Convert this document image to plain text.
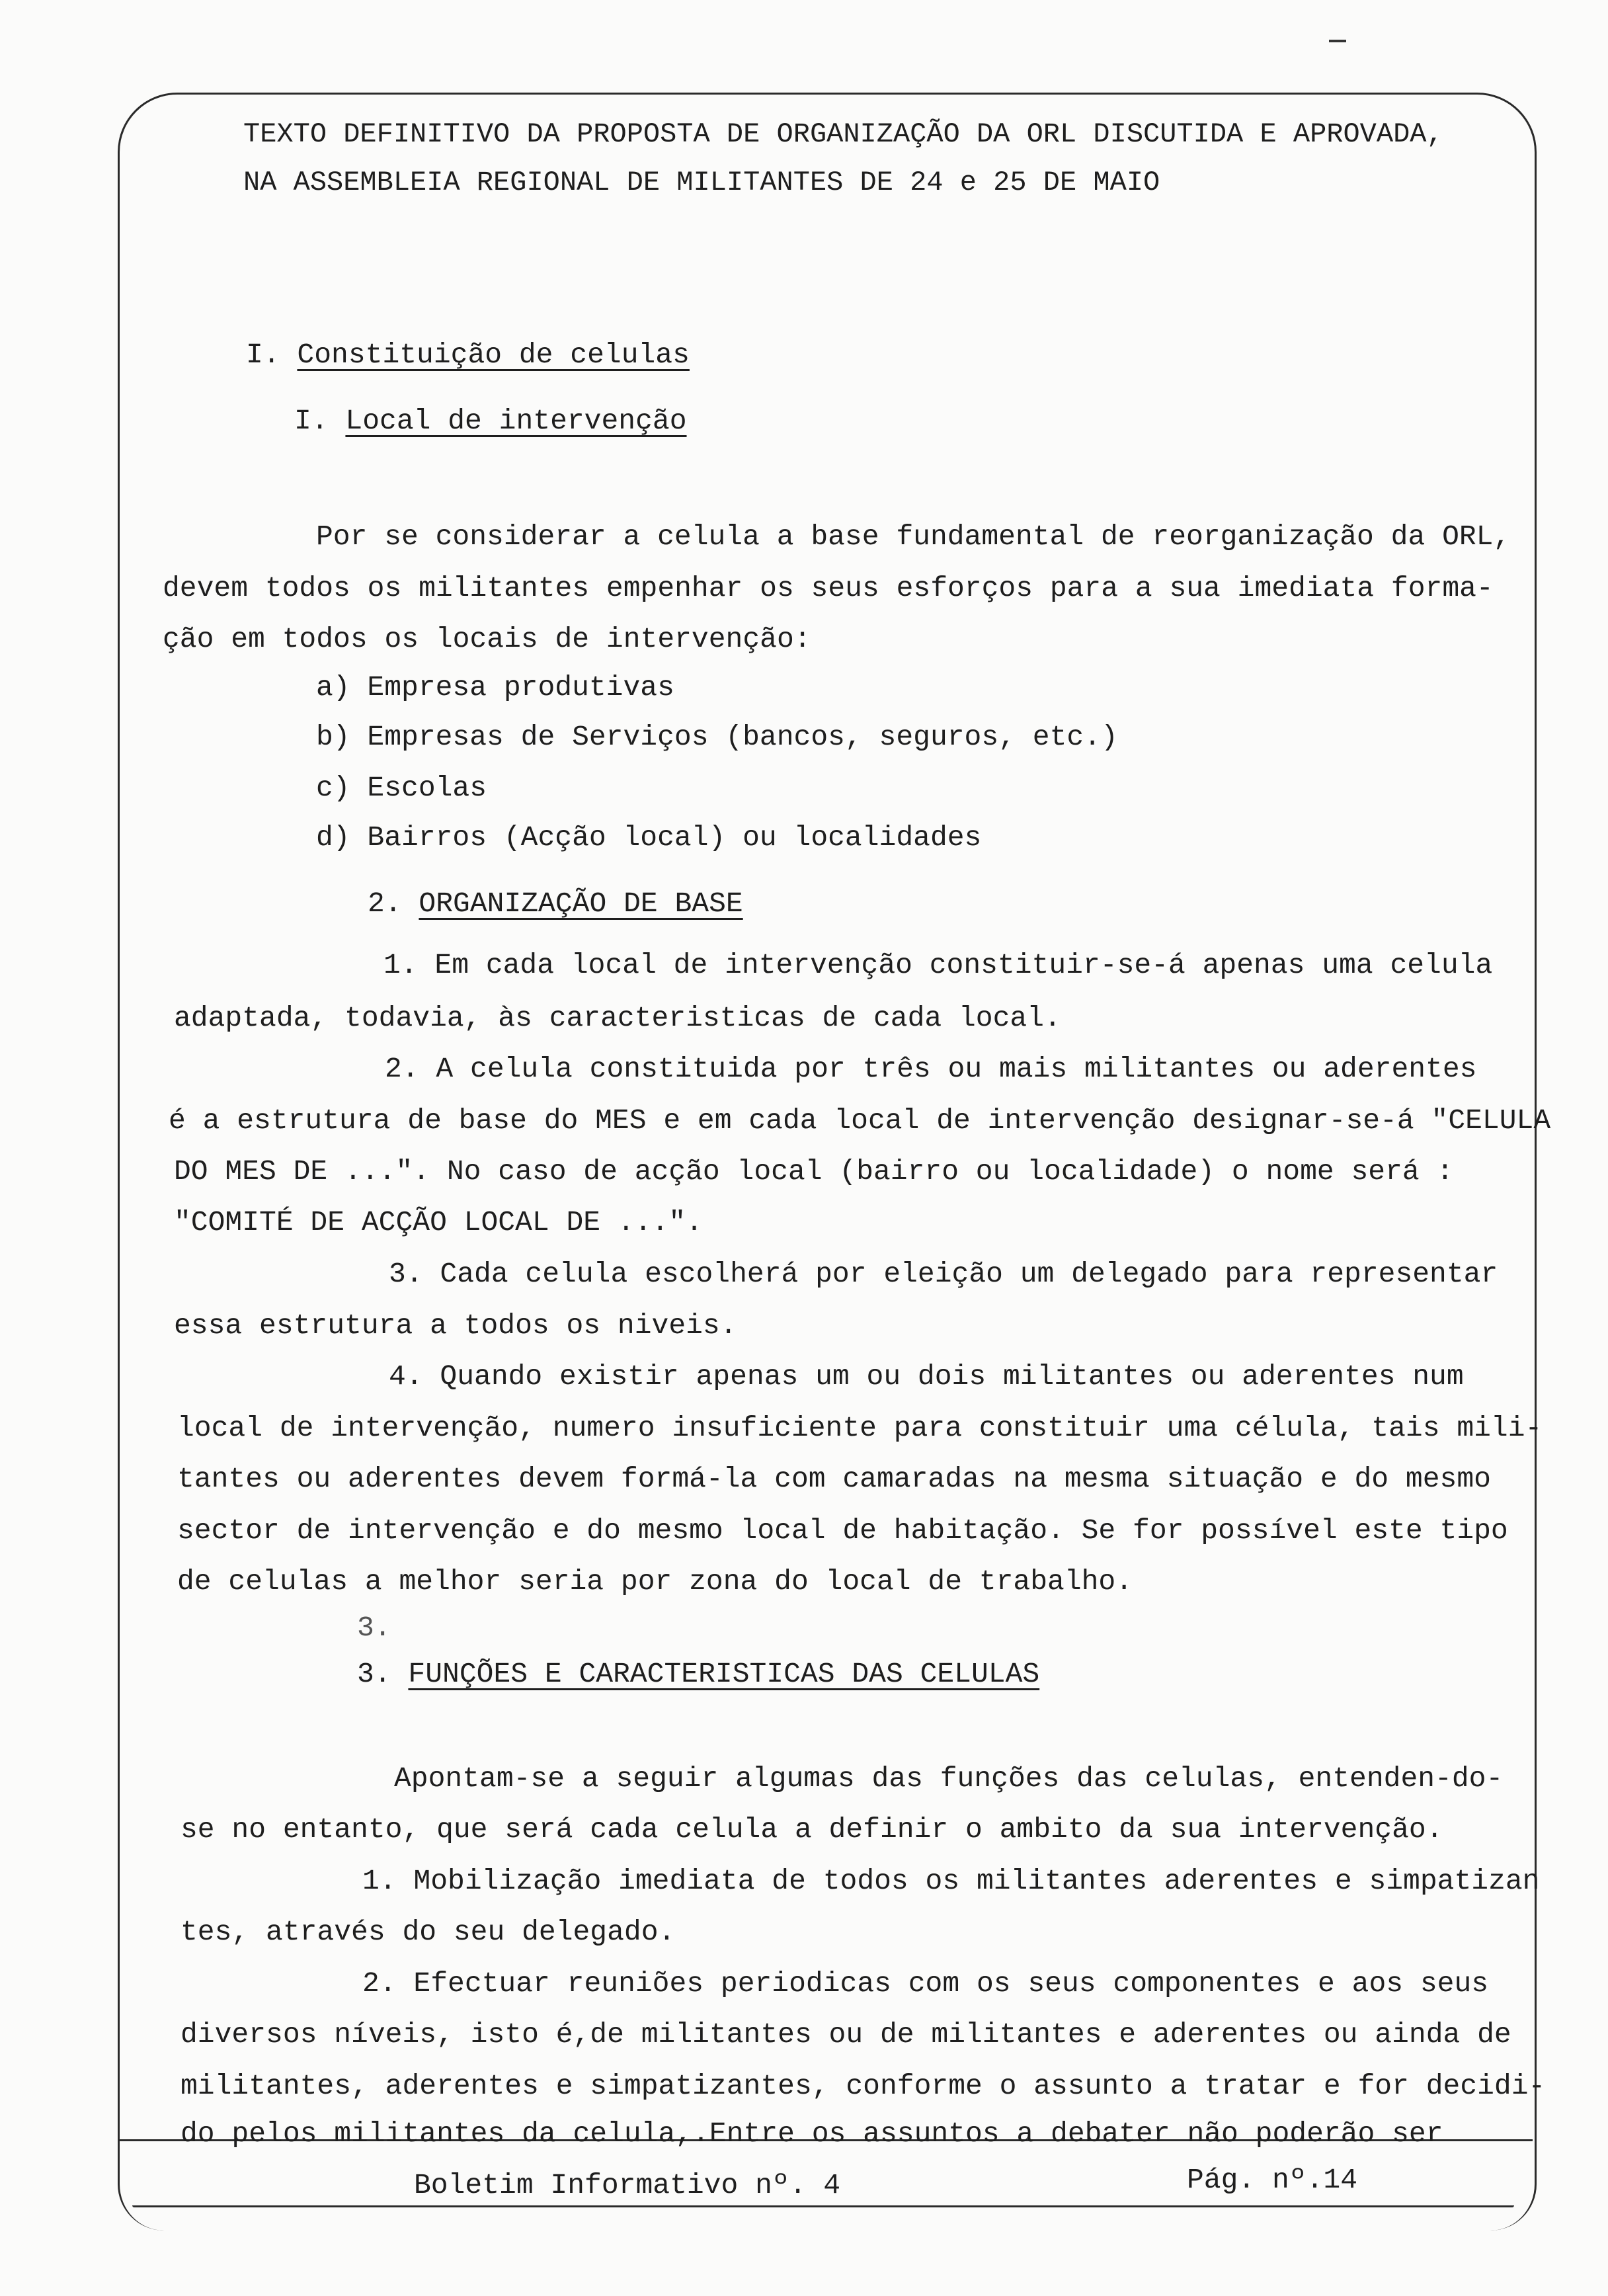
TEXTO DEFINITIVO DA PROPOSTA DE ORGANIZAÇÃO DA ORL DISCUTIDA E APROVADA,
NA ASSEMBLEIA REGIONAL DE MILITANTES DE 24 e 25 DE MAIO
I. Constituição de celulas
I. Local de intervenção
Por se considerar a celula a base fundamental de reorganização da ORL,
devem todos os militantes empenhar os seus esforços para a sua imediata forma-
ção em todos os locais de intervenção:
a) Empresa produtivas
b) Empresas de Serviços (bancos, seguros, etc.)
c) Escolas
d) Bairros (Acção local) ou localidades
2. ORGANIZAÇÃO DE BASE
1. Em cada local de intervenção constituir-se-á apenas uma celula
adaptada, todavia, às caracteristicas de cada local.
2. A celula constituida por três ou mais militantes ou aderentes
é a estrutura de base do MES e em cada local de intervenção designar-se-á "CELULA
DO MES DE ...". No caso de acção local (bairro ou localidade) o nome será :
"COMITÉ DE ACÇÃO LOCAL DE ...".
3. Cada celula escolherá por eleição um delegado para representar
essa estrutura a todos os niveis.
4. Quando existir apenas um ou dois militantes ou aderentes num
local de intervenção, numero insuficiente para constituir uma célula, tais mili-
tantes ou aderentes devem formá-la com camaradas na mesma situação e do mesmo
sector de intervenção e do mesmo local de habitação. Se for possível este tipo
de celulas a melhor seria por zona do local de trabalho.
3.
3. FUNÇÕES E CARACTERISTICAS DAS CELULAS
Apontam-se a seguir algumas das funções das celulas, entenden-do-
se no entanto, que será cada celula a definir o ambito da sua intervenção.
1. Mobilização imediata de todos os militantes aderentes e simpatizan
tes, através do seu delegado.
2. Efectuar reuniões periodicas com os seus componentes e aos seus
diversos níveis, isto é,de militantes ou de militantes e aderentes ou ainda de
militantes, aderentes e simpatizantes, conforme o assunto a tratar e for decidi-
do pelos militantes da celula,.Entre os assuntos a debater não poderão ser
Boletim Informativo nº. 4	Pág. nº.14
